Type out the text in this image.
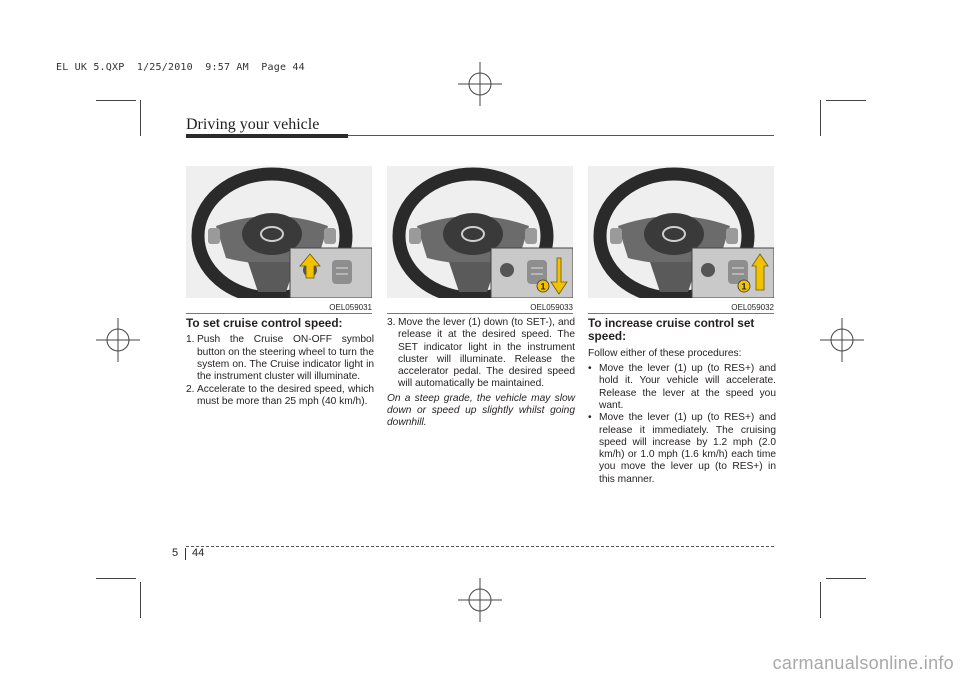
EL UK 5.QXP  1/25/2010  9:57 AM  Page 44
Driving your vehicle
OEL059031
1
OEL059033
1
OEL059032

To set cruise control speed:

1. Push the Cruise ON-OFF symbol button on the steering wheel to turn the system on. The Cruise indicator light in the instrument cluster will illuminate.

2. Accelerate to the desired speed, which must be more than 25 mph (40 km/h).

3. Move the lever (1) down (to SET-), and release it at the desired speed. The SET indicator light in the instrument cluster will illuminate. Release the accelerator pedal. The desired speed will automatically be maintained.

On a steep grade, the vehicle may slow down or speed up slightly whilst going downhill.

To increase cruise control set speed:

Follow either of these procedures:

• Move the lever (1) up (to RES+) and hold it. Your vehicle will accelerate. Release the lever at the speed you want.

• Move the lever (1) up (to RES+) and release it immediately. The cruising speed will increase by 1.2 mph (2.0 km/h) or 1.0 mph (1.6 km/h) each time you move the lever up (to RES+) in this manner.

5 44
carmanualsonline.info
